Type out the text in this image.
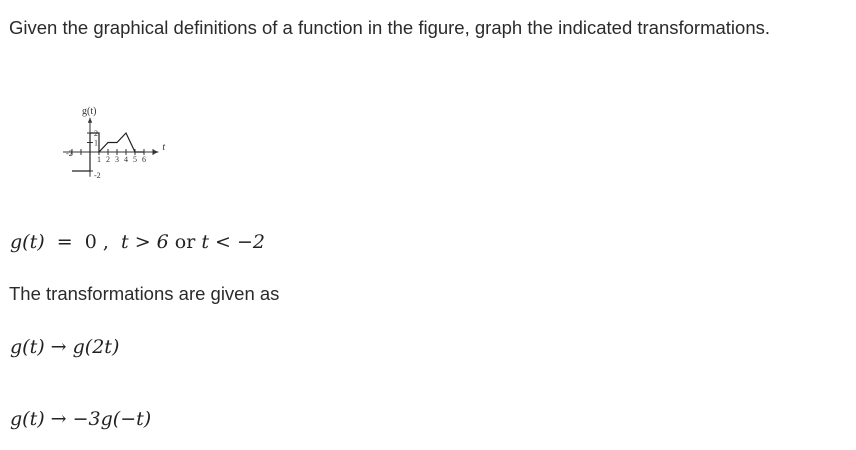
Given the graphical definitions of a function in the figure, graph the indicated transformations.

g(t)
t
-2
1 2 3 4 5 6
2
1
-2

g(t) = 0 , t > 6 or t < −2

The transformations are given as

g(t) → g(2t)

g(t) → −3g(−t)
